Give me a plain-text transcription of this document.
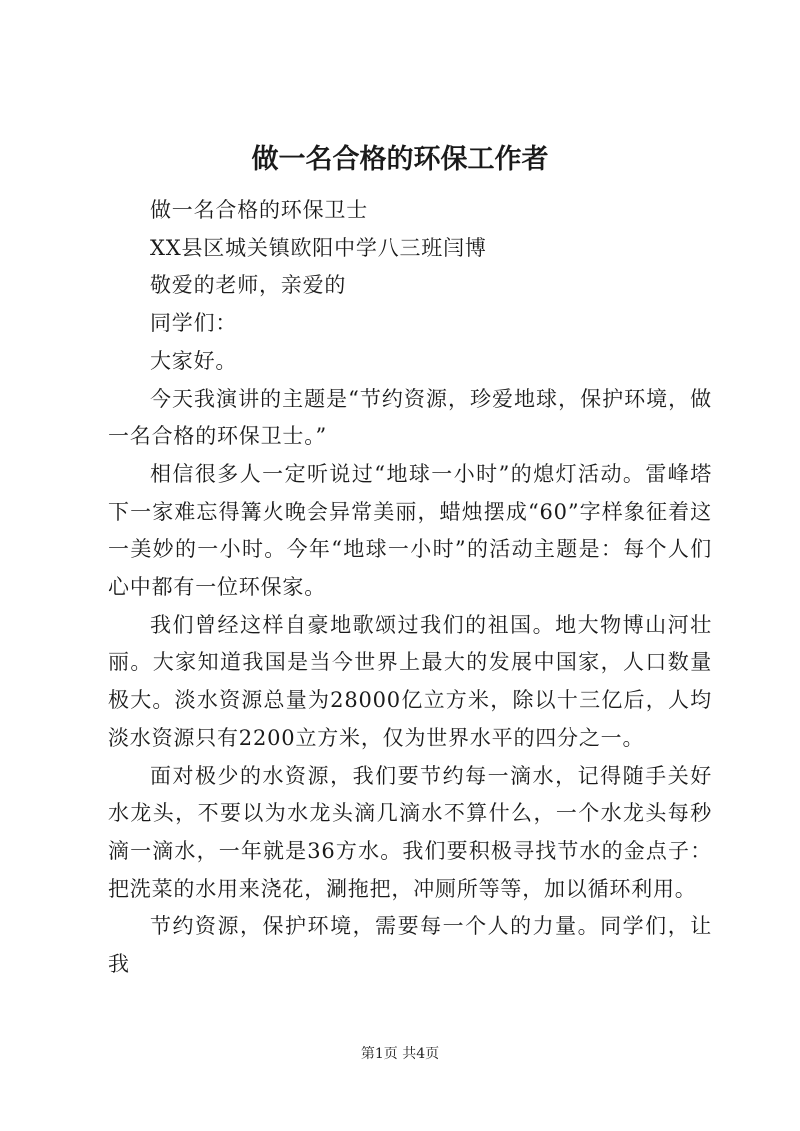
做一名合格的环保工作者

做一名合格的环保卫士

XX县区城关镇欧阳中学八三班闫博

敬爱的老师，亲爱的

同学们：

大家好。

今天我演讲的主题是“节约资源，珍爱地球，保护环境，做一名合格的环保卫士。”

相信很多人一定听说过“地球一小时”的熄灯活动。雷峰塔下一家难忘得篝火晚会异常美丽，蜡烛摆成“60”字样象征着这一美妙的一小时。今年“地球一小时”的活动主题是：每个人们心中都有一位环保家。

我们曾经这样自豪地歌颂过我们的祖国。地大物博山河壮丽。大家知道我国是当今世界上最大的发展中国家，人口数量极大。淡水资源总量为28000亿立方米，除以十三亿后，人均淡水资源只有2200立方米，仅为世界水平的四分之一。

面对极少的水资源，我们要节约每一滴水，记得随手关好水龙头，不要以为水龙头滴几滴水不算什么，一个水龙头每秒滴一滴水，一年就是36方水。我们要积极寻找节水的金点子：把洗菜的水用来浇花，涮拖把，冲厕所等等，加以循环利用。

节约资源，保护环境，需要每一个人的力量。同学们，让我

第1页 共4页
